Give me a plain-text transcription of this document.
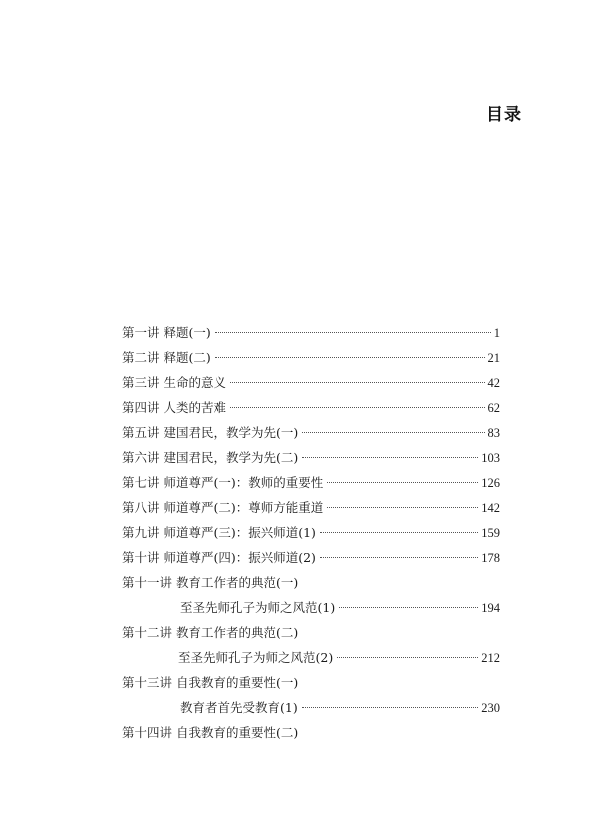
目录
第一讲 释题(一)	1
第二讲 释题(二)	21
第三讲 生命的意义	42
第四讲 人类的苦难	62
第五讲 建国君民，教学为先(一)	83
第六讲 建国君民，教学为先(二)	103
第七讲 师道尊严(一)：教师的重要性	126
第八讲 师道尊严(二)：尊师方能重道	142
第九讲 师道尊严(三)：振兴师道(1)	159
第十讲 师道尊严(四)：振兴师道(2)	178
第十一讲 教育工作者的典范(一)
至圣先师孔子为师之风范(1)	194
第十二讲 教育工作者的典范(二)
至圣先师孔子为师之风范(2)	212
第十三讲 自我教育的重要性(一)
教育者首先受教育(1)	230
第十四讲 自我教育的重要性(二)
